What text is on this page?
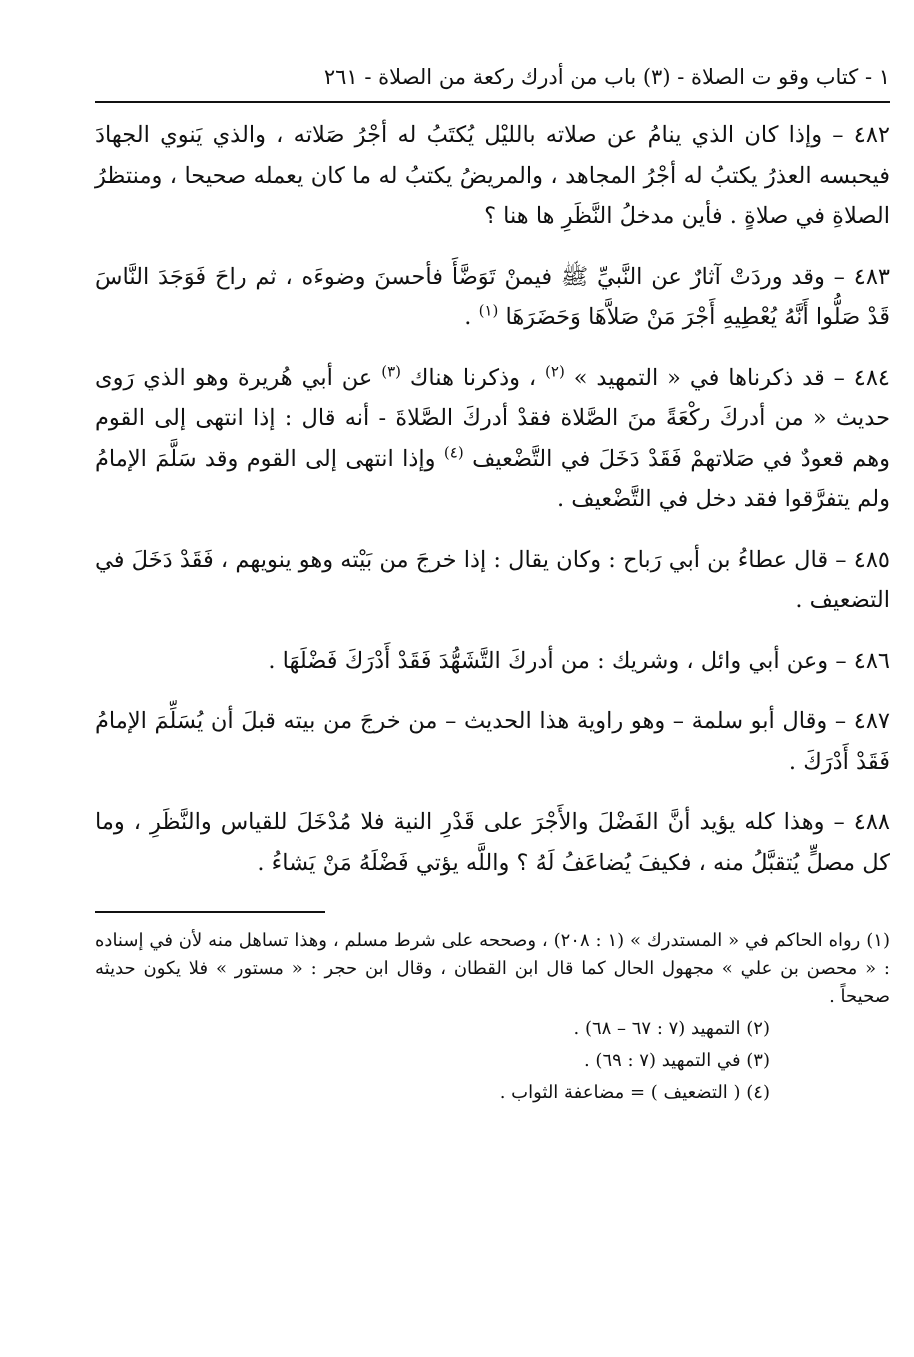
١ - كتاب وقو ت الصلاة - (٣) باب من أدرك ركعة من الصلاة - ٢٦١

٤٨٢ – وإذا كان الذي ينامُ عن صلاته بالليْل يُكتَبُ له أجْرُ صَلاته ، والذي يَنوي الجهادَ فيحبسه العذرُ يكتبُ له أجْرُ المجاهد ، والمريضُ يكتبُ له ما كان يعمله صحيحا ، ومنتظرُ الصلاةِ في صلاةٍ . فأين مدخلُ النَّظَرِ ها هنا ؟

٤٨٣ – وقد وردَتْ آثارٌ عن النَّبيِّ ﷺ فيمنْ تَوَضَّأَ فأحسنَ وضوءَه ، ثم راحَ فَوَجَدَ النَّاسَ قَدْ صَلُّوا أَنَّهُ يُعْطِيهِ أَجْرَ مَنْ صَلاَّهَا وَحَضَرَهَا $^{(١)}$ .

٤٨٤ – قد ذكرناها في « التمهيد » $^{(٢)}$ ، وذكرنا هناك $^{(٣)}$ عن أبي هُريرة وهو الذي رَوى حديث « من أدركَ ركْعَةً منَ الصَّلاة فقدْ أدركَ الصَّلاةَ - أنه قال : إذا انتهى إلى القوم وهم قعودٌ في صَلاتهمْ فَقَدْ دَخَلَ في التَّضْعيف $^{(٤)}$ وإذا انتهى إلى القوم وقد سَلَّمَ الإمامُ ولم يتفرَّقوا فقد دخل في التَّضْعيف .

٤٨٥ – قال عطاءُ بن أبي رَباح : وكان يقال : إذا خرجَ من بَيْته وهو ينويهم ، فَقَدْ دَخَلَ في التضعيف .

٤٨٦ – وعن أبي وائل ، وشريك : من أدركَ التَّشَهُّدَ فَقَدْ أَدْرَكَ فَضْلَهَا .

٤٨٧ – وقال أبو سلمة – وهو راوية هذا الحديث – من خرجَ من بيته قبلَ أن يُسَلِّمَ الإمامُ فَقَدْ أَدْرَكَ .

٤٨٨ – وهذا كله يؤيد أنَّ الفَضْلَ والأَجْرَ على قَدْرِ النية فلا مُدْخَلَ للقياس والنَّظَرِ ، وما كل مصلٍّ يُتقبَّلُ منه ، فكيفَ يُضاعَفُ لَهُ ؟ واللَّه يؤتي فَضْلَهُ مَنْ يَشاءُ .

(١) رواه الحاكم في « المستدرك » (١ : ٢٠٨) ، وصححه على شرط مسلم ، وهذا تساهل منه لأن في إسناده : « محصن بن علي » مجهول الحال كما قال ابن القطان ، وقال ابن حجر : « مستور » فلا يكون حديثه صحيحاً .

(٢) التمهيد (٧ : ٦٧ – ٦٨) .

(٣) في التمهيد (٧ : ٦٩) .

(٤) ( التضعيف ) = مضاعفة الثواب .
